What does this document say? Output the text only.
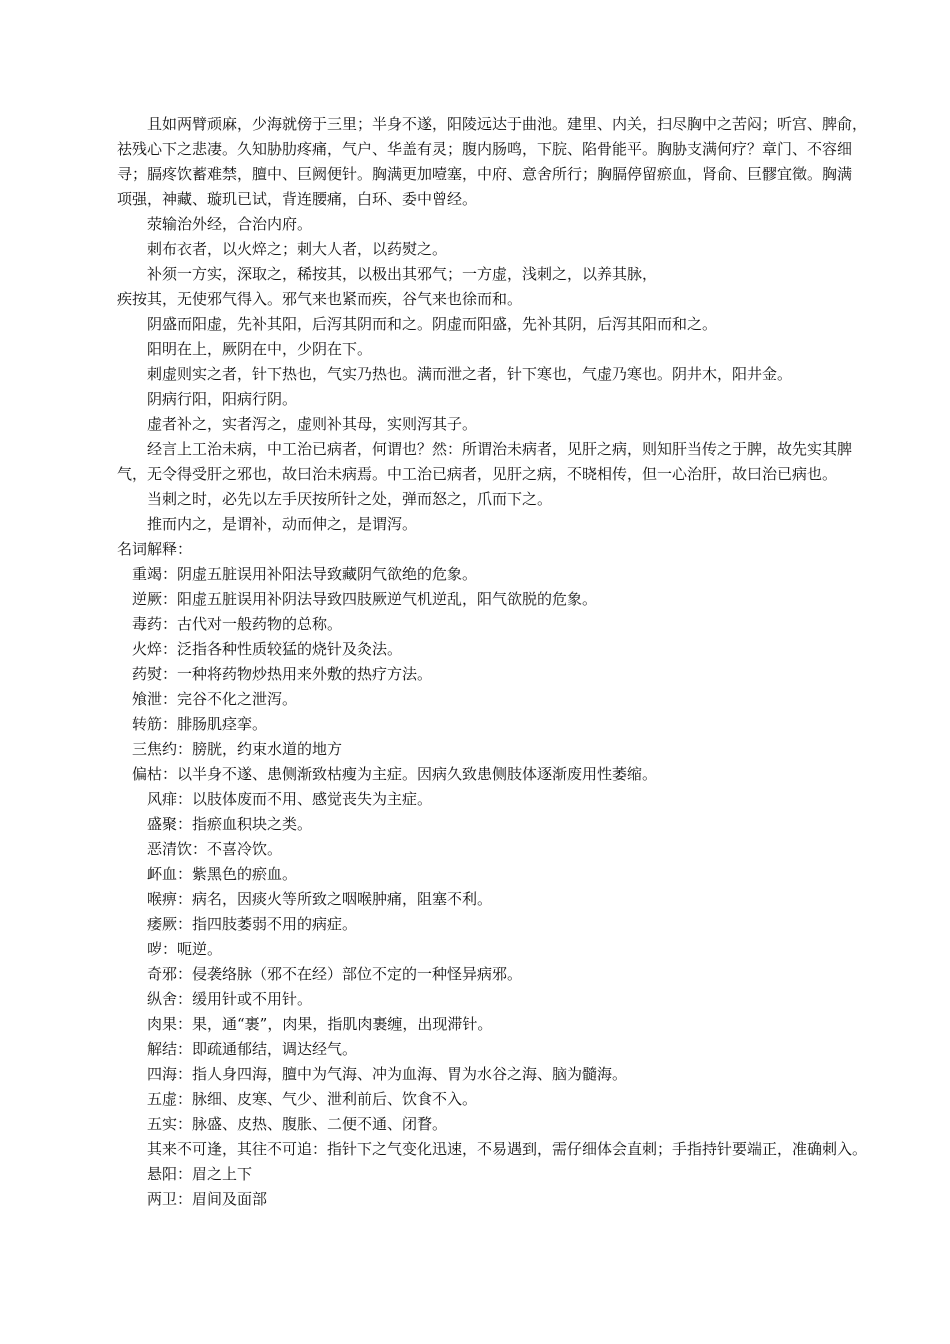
　　且如两臂顽麻，少海就傍于三里；半身不遂，阳陵远达于曲池。建里、内关，扫尽胸中之苦闷；听宫、脾俞，
祛残心下之悲凄。久知胁肋疼痛，气户、华盖有灵；腹内肠鸣，下脘、陷骨能平。胸胁支满何疗？章门、不容细
寻；膈疼饮蓄难禁，膻中、巨阙便针。胸满更加噎塞，中府、意舍所行；胸膈停留瘀血，肾俞、巨髎宜徵。胸满
项强，神藏、璇玑已试，背连腰痛，白环、委中曾经。
　　荥输治外经，合治内府。
　　刺布衣者，以火焠之；刺大人者，以药熨之。
　　补须一方实，深取之，稀按其，以极出其邪气；一方虚，浅刺之，以养其脉，
疾按其，无使邪气得入。邪气来也紧而疾，谷气来也徐而和。
　　阴盛而阳虚，先补其阳，后泻其阴而和之。阴虚而阳盛，先补其阴，后泻其阳而和之。
　　阳明在上，厥阴在中，少阴在下。
　　刺虚则实之者，针下热也，气实乃热也。满而泄之者，针下寒也，气虚乃寒也。阴井木，阳井金。
　　阴病行阳，阳病行阴。
　　虚者补之，实者泻之，虚则补其母，实则泻其子。
　　经言上工治未病，中工治已病者，何谓也？然：所谓治未病者，见肝之病，则知肝当传之于脾，故先实其脾
气，无令得受肝之邪也，故曰治未病焉。中工治已病者，见肝之病，不晓相传，但一心治肝，故曰治已病也。
　　当刺之时，必先以左手厌按所针之处，弹而怒之，爪而下之。
　　推而内之，是谓补，动而伸之，是谓泻。
名词解释：
　重竭：阴虚五脏误用补阳法导致藏阴气欲绝的危象。
　逆厥：阳虚五脏误用补阴法导致四肢厥逆气机逆乱，阳气欲脱的危象。
　毒药：古代对一般药物的总称。
　火焠：泛指各种性质较猛的烧针及灸法。
　药熨：一种将药物炒热用来外敷的热疗方法。
　飧泄：完谷不化之泄泻。
　转筋：腓肠肌痉挛。
　三焦约：膀胱，约束水道的地方
　偏枯：以半身不遂、患侧渐致枯瘦为主症。因病久致患侧肢体逐渐废用性萎缩。
　　风痱：以肢体废而不用、感觉丧失为主症。
　　盛聚：指瘀血积块之类。
　　恶清饮：不喜冷饮。
　　衃血：紫黑色的瘀血。
　　喉痹：病名，因痰火等所致之咽喉肿痛，阻塞不利。
　　痿厥：指四肢萎弱不用的病症。
　　哕：呃逆。
　　奇邪：侵袭络脉（邪不在经）部位不定的一种怪异病邪。
　　纵舍：缓用针或不用针。
　　肉果：果，通“裹”，肉果，指肌肉裹缠，出现滞针。
　　解结：即疏通郁结，调达经气。
　　四海：指人身四海，膻中为气海、冲为血海、胃为水谷之海、脑为髓海。
　　五虚：脉细、皮寒、气少、泄利前后、饮食不入。
　　五实：脉盛、皮热、腹胀、二便不通、闭瞀。
　　其来不可逢，其往不可追：指针下之气变化迅速，不易遇到，需仔细体会直刺；手指持针要端正，准确刺入。
　　悬阳：眉之上下
　　两卫：眉间及面部
